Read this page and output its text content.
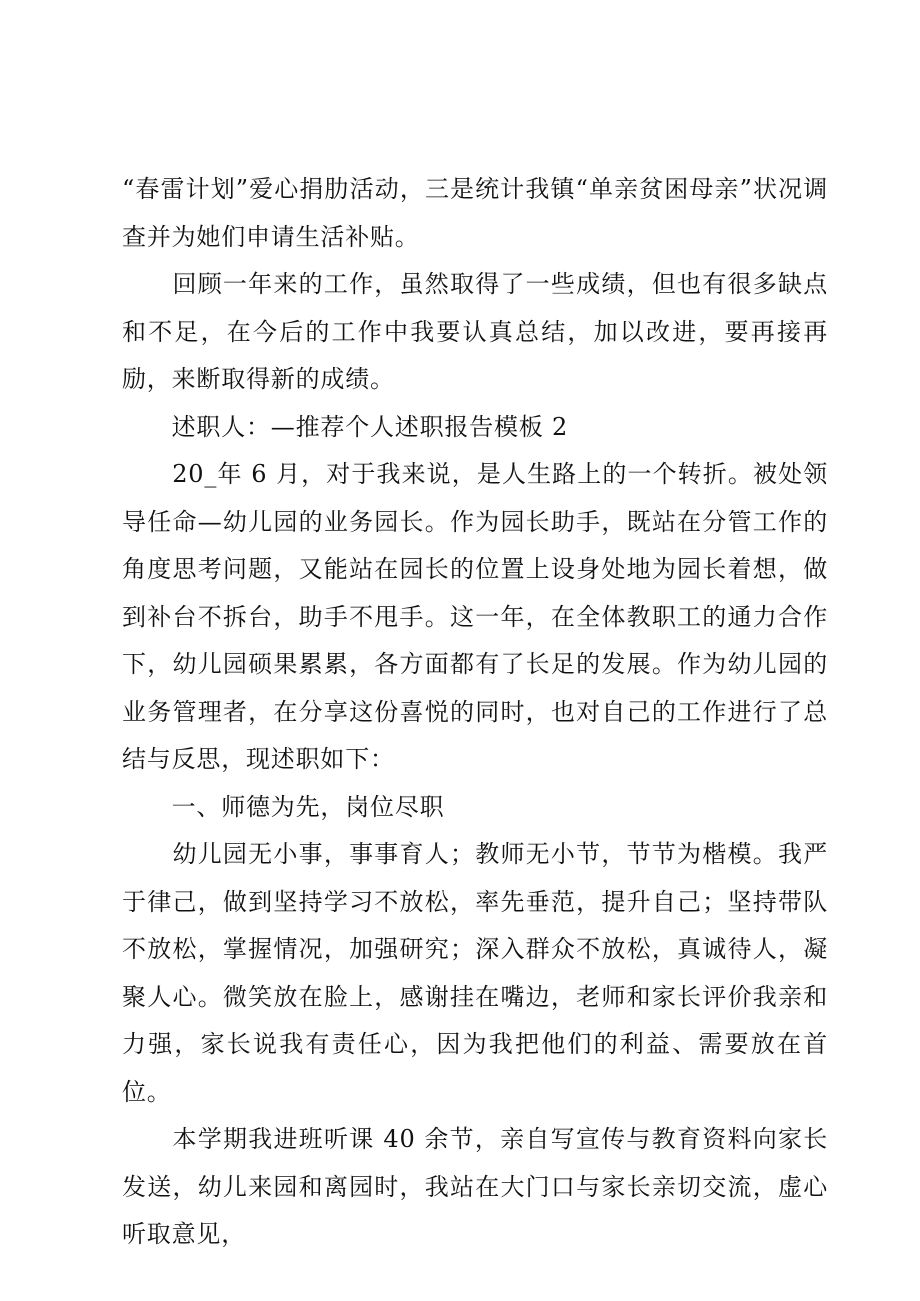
“春雷计划”爱心捐肋活动，三是统计我镇“单亲贫困母亲”状况调查并为她们申请生活补贴。

　　回顾一年来的工作，虽然取得了一些成绩，但也有很多缺点和不足，在今后的工作中我要认真总结，加以改进，要再接再励，来断取得新的成绩。

　　述职人：—推荐个人述职报告模板 2

　　20_年 6 月，对于我来说，是人生路上的一个转折。被处领导任命—幼儿园的业务园长。作为园长助手，既站在分管工作的角度思考问题，又能站在园长的位置上设身处地为园长着想，做到补台不拆台，助手不甩手。这一年，在全体教职工的通力合作下，幼儿园硕果累累，各方面都有了长足的发展。作为幼儿园的业务管理者，在分享这份喜悦的同时，也对自己的工作进行了总结与反思，现述职如下：

　　一、师德为先，岗位尽职

　　幼儿园无小事，事事育人；教师无小节，节节为楷模。我严于律己，做到坚持学习不放松，率先垂范，提升自己；坚持带队不放松，掌握情况，加强研究；深入群众不放松，真诚待人，凝聚人心。微笑放在脸上，感谢挂在嘴边，老师和家长评价我亲和力强，家长说我有责任心，因为我把他们的利益、需要放在首位。

　　本学期我进班听课 40 余节，亲自写宣传与教育资料向家长发送，幼儿来园和离园时，我站在大门口与家长亲切交流，虚心听取意见，
